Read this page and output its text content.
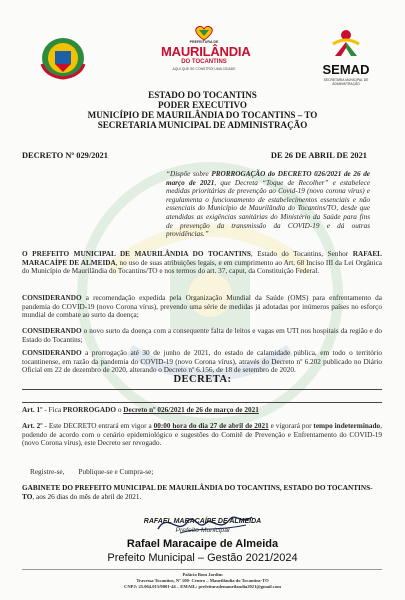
PREFEITURA DE
MAURILÂNDIA
DO TOCANTINS
AQUI QUE SE CONSTRÓI UMA CIDADE	SEMAD
SECRETARIA MUNICIPAL DE ADMINISTRAÇÃO
ESTADO DO TOCANTINS
PODER EXECUTIVO
MUNICÍPIO DE MAURILÂNDIA DO TOCANTINS – TO
SECRETARIA MUNICIPAL DE ADMINISTRAÇÃO
DECRETO Nº 029/2021	DE 26 DE ABRIL DE 2021
“Dispõe sobre PRORROGAÇÃO do DECRETO 026/2021 de 26 de março de 2021, que Decreta “Toque de Recolher” e estabelece medidas prioritárias de prevenção ao Covid-19 (novo corona vírus) e regulamenta o funcionamento de estabelecimentos essenciais e não essenciais do Município de Maurilândia do Tocantins/TO, desde que atendidas as exigências sanitárias do Ministério da Saúde para fins de prevenção da transmissão da COVID-19 e dá outras providências.”
O PREFEITO MUNICIPAL DE MAURILÂNDIA DO TOCANTINS, Estado do Tocantins, Senhor RAFAEL MARACAÍPE DE ALMEIDA, no uso de suas atribuições legais, e em cumprimento ao Art. 68 Inciso III da Lei Orgânica do Município de Maurilândia do Tocantins/TO e nos termos do art. 37, caput, da Constituição Federal.
CONSIDERANDO a recomendação expedida pela Organização Mundial da Saúde (OMS) para enfrentamento da pandemia do COVID-19 (novo Corona vírus), prevendo uma série de medidas já adotadas por inúmeros países no esforço mundial de combate ao surto da doença;
CONSIDERANDO o novo surto da doença com a consequente falta de leitos e vagas em UTI nos hospitais da região e do Estado do Tocantins;
CONSIDERANDO a prorrogação até 30 de junho de 2021, do estado de calamidade pública, em todo o território tocantinense, em razão da pandemia do COVID-19 (novo Corona vírus), através do Decreto nº 6.202 publicado no Diário Oficial em 22 de dezembro de 2020, alterando o Decreto nº 6.156, de 18 de setembro de 2020.
DECRETA:
Art. 1º - Fica PRORROGADO o Decreto nº 026/2021 de 26 de março de 2021
Art. 2º - Este DECRETO entrará em vigor a 00:00 hora do dia 27 de abril de 2021 e vigorará por tempo indeterminado, podendo de acordo com o cenário epidemiológico e sugestões do Comitê de Prevenção e Enfrentamento do COVID-19 (novo Corona vírus), este Decreto ser revogado.
Registre-se, Publique-se e Cumpra-se;
GABINETE DO PREFEITO MUNICIPAL DE MAURILÂNDIA DO TOCANTINS, ESTADO DO TOCANTINS-TO, aos 26 dias do mês de abril de 2021.
RAFAEL MARACAÍPE DE ALMEIDA
Prefeito Municipal
Rafael Maracaipe de Almeida
Prefeito Municipal – Gestão 2021/2024
Palácio Bom Jardim
Travessa Tocantins, Nº 100- Centro – Maurilândia do Tocantins-TO
CNPJ: 25.064.015/0001-44 – EMAIL: prefeiturademaurilandia2021@gmail.com
